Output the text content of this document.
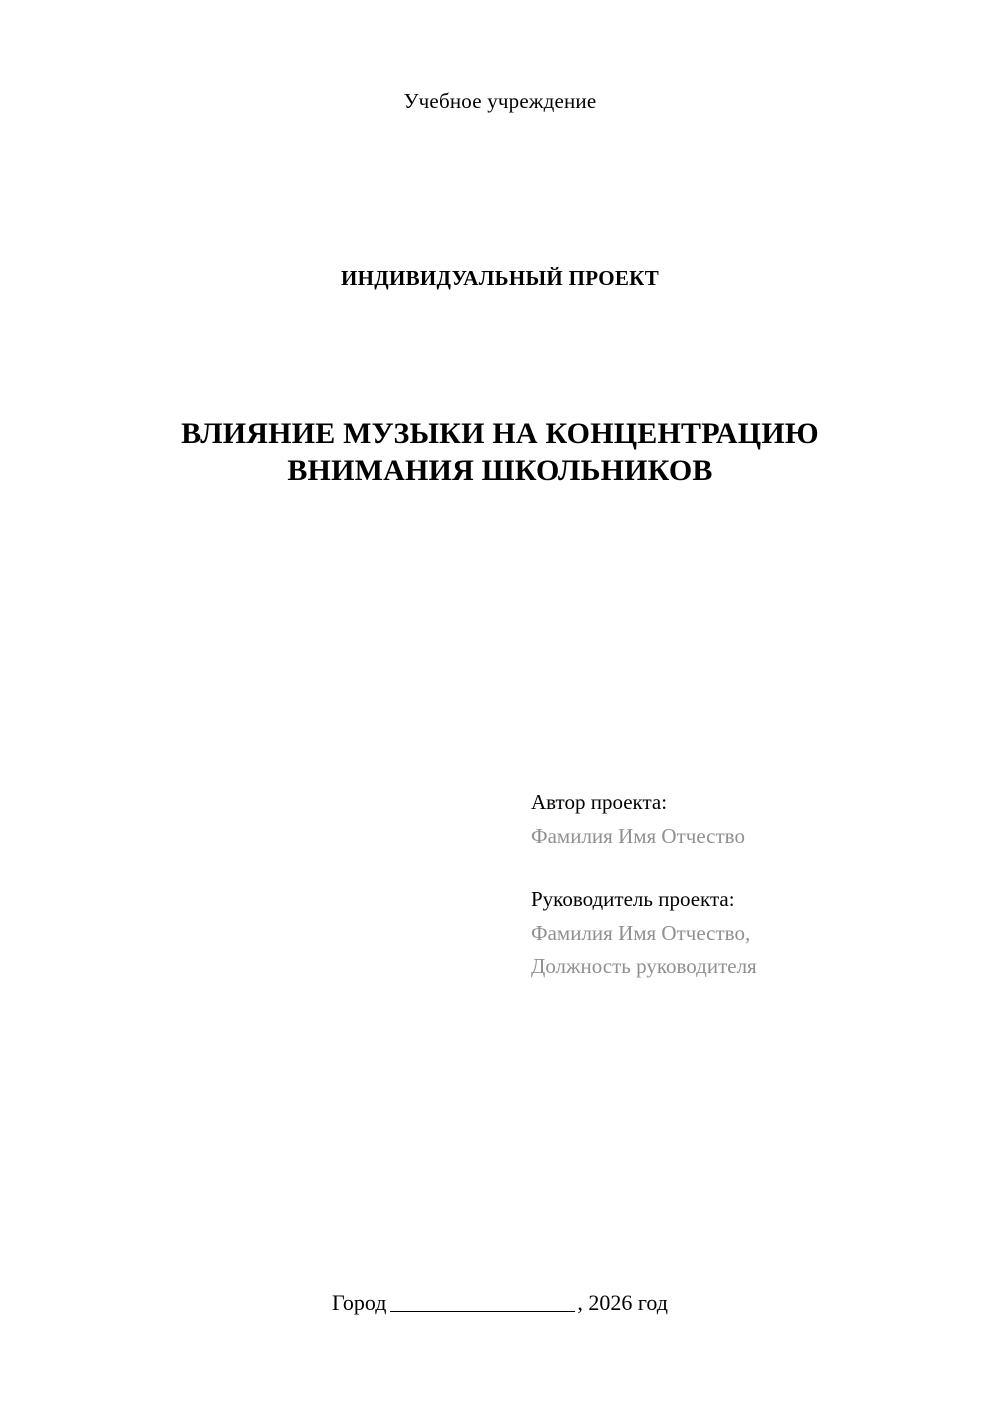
Учебное учреждение
ИНДИВИДУАЛЬНЫЙ ПРОЕКТ
ВЛИЯНИЕ МУЗЫКИ НА КОНЦЕНТРАЦИЮ ВНИМАНИЯ ШКОЛЬНИКОВ
Автор проекта:
Фамилия Имя Отчество
Руководитель проекта:
Фамилия Имя Отчество,
Должность руководителя
Город	, 2026 год
